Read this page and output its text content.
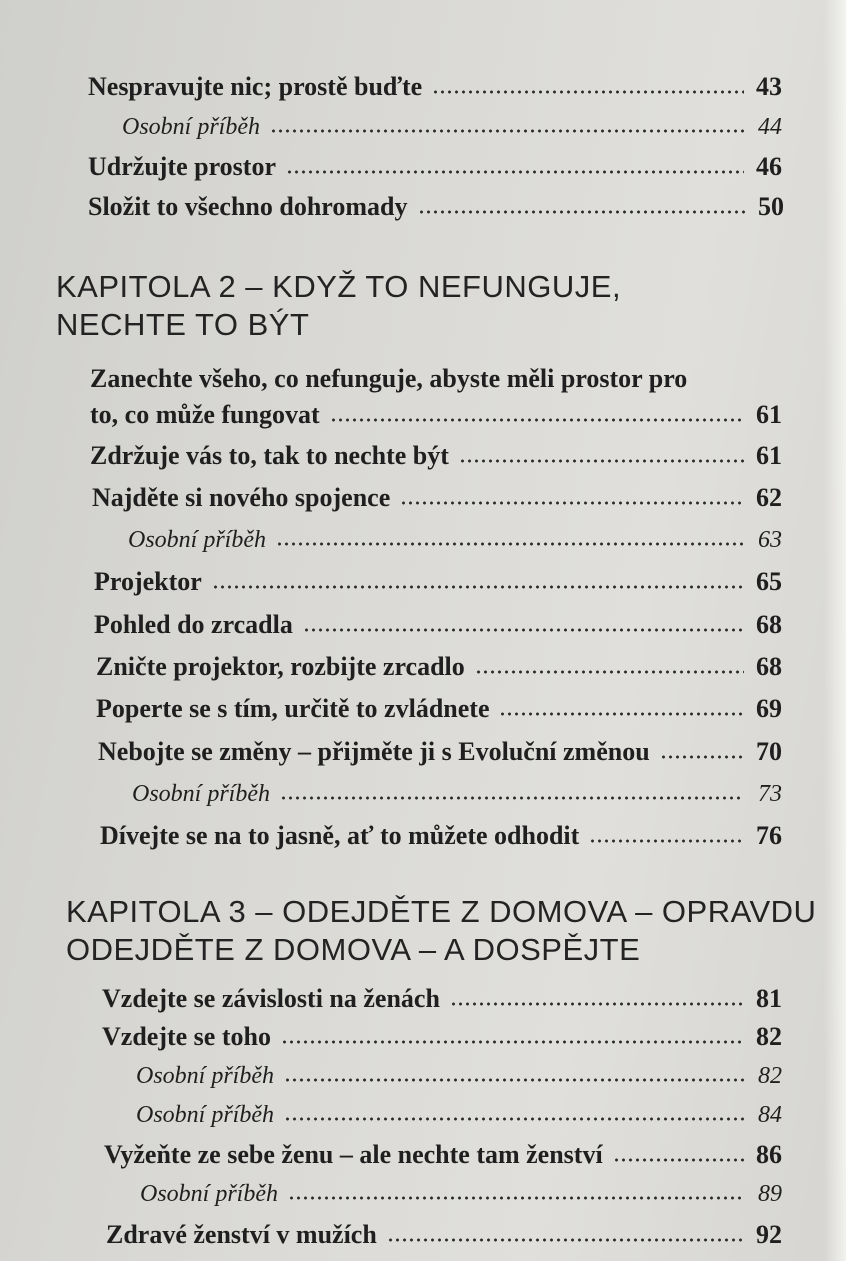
Nespravujte nic; prostě buďte	43
Osobní příběh	44
Udržujte prostor	46
Složit to všechno dohromady	50
KAPITOLA 2 – KDYŽ TO NEFUNGUJE,
NECHTE TO BÝT
Zanechte všeho, co nefunguje, abyste měli prostor pro
to, co může fungovat	61
Zdržuje vás to, tak to nechte být	61
Najděte si nového spojence	62
Osobní příběh	63
Projektor	65
Pohled do zrcadla	68
Zničte projektor, rozbijte zrcadlo	68
Poperte se s tím, určitě to zvládnete	69
Nebojte se změny – přijměte ji s Evoluční změnou	70
Osobní příběh	73
Dívejte se na to jasně, ať to můžete odhodit	76
KAPITOLA 3 – ODEJDĚTE Z DOMOVA – OPRAVDU
ODEJDĚTE Z DOMOVA – A DOSPĚJTE
Vzdejte se závislosti na ženách	81
Vzdejte se toho	82
Osobní příběh	82
Osobní příběh	84
Vyžeňte ze sebe ženu – ale nechte tam ženství	86
Osobní příběh	89
Zdravé ženství v mužích	92
